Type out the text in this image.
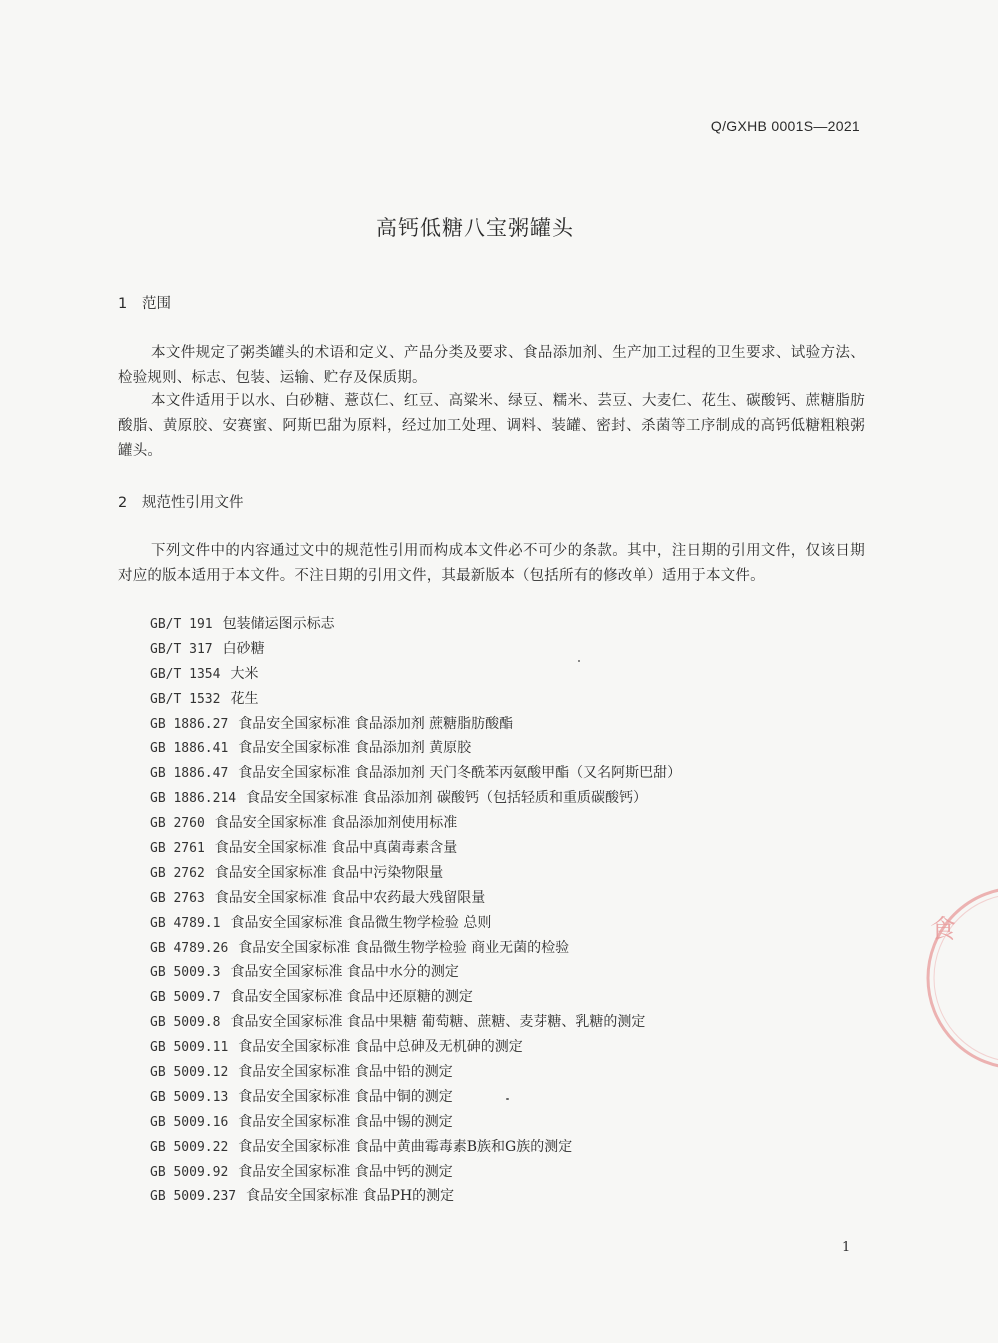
Q/GXHB 0001S—2021
高钙低糖八宝粥罐头
1 范围

本文件规定了粥类罐头的术语和定义、产品分类及要求、食品添加剂、生产加工过程的卫生要求、试验方法、检验规则、标志、包装、运输、贮存及保质期。

本文件适用于以水、白砂糖、薏苡仁、红豆、高粱米、绿豆、糯米、芸豆、大麦仁、花生、碳酸钙、蔗糖脂肪酸脂、黄原胶、安赛蜜、阿斯巴甜为原料，经过加工处理、调料、装罐、密封、杀菌等工序制成的高钙低糖粗粮粥罐头。

2 规范性引用文件

下列文件中的内容通过文中的规范性引用而构成本文件必不可少的条款。其中，注日期的引用文件，仅该日期对应的版本适用于本文件。不注日期的引用文件，其最新版本（包括所有的修改单）适用于本文件。

GB/T 191 包装储运图示标志
GB/T 317 白砂糖
GB/T 1354 大米
GB/T 1532 花生
GB 1886.27 食品安全国家标准 食品添加剂 蔗糖脂肪酸酯
GB 1886.41 食品安全国家标准 食品添加剂 黄原胶
GB 1886.47 食品安全国家标准 食品添加剂 天门冬酰苯丙氨酸甲酯（又名阿斯巴甜）
GB 1886.214 食品安全国家标准 食品添加剂 碳酸钙（包括轻质和重质碳酸钙）
GB 2760 食品安全国家标准 食品添加剂使用标准
GB 2761 食品安全国家标准 食品中真菌毒素含量
GB 2762 食品安全国家标准 食品中污染物限量
GB 2763 食品安全国家标准 食品中农药最大残留限量
GB 4789.1 食品安全国家标准 食品微生物学检验 总则
GB 4789.26 食品安全国家标准 食品微生物学检验 商业无菌的检验
GB 5009.3 食品安全国家标准 食品中水分的测定
GB 5009.7 食品安全国家标准 食品中还原糖的测定
GB 5009.8 食品安全国家标准 食品中果糖 葡萄糖、蔗糖、麦芽糖、乳糖的测定
GB 5009.11 食品安全国家标准 食品中总砷及无机砷的测定
GB 5009.12 食品安全国家标准 食品中铅的测定
GB 5009.13 食品安全国家标准 食品中铜的测定
GB 5009.16 食品安全国家标准 食品中锡的测定
GB 5009.22 食品安全国家标准 食品中黄曲霉毒素B族和G族的测定
GB 5009.92 食品安全国家标准 食品中钙的测定
GB 5009.237 食品安全国家标准 食品PH的测定
1
食
